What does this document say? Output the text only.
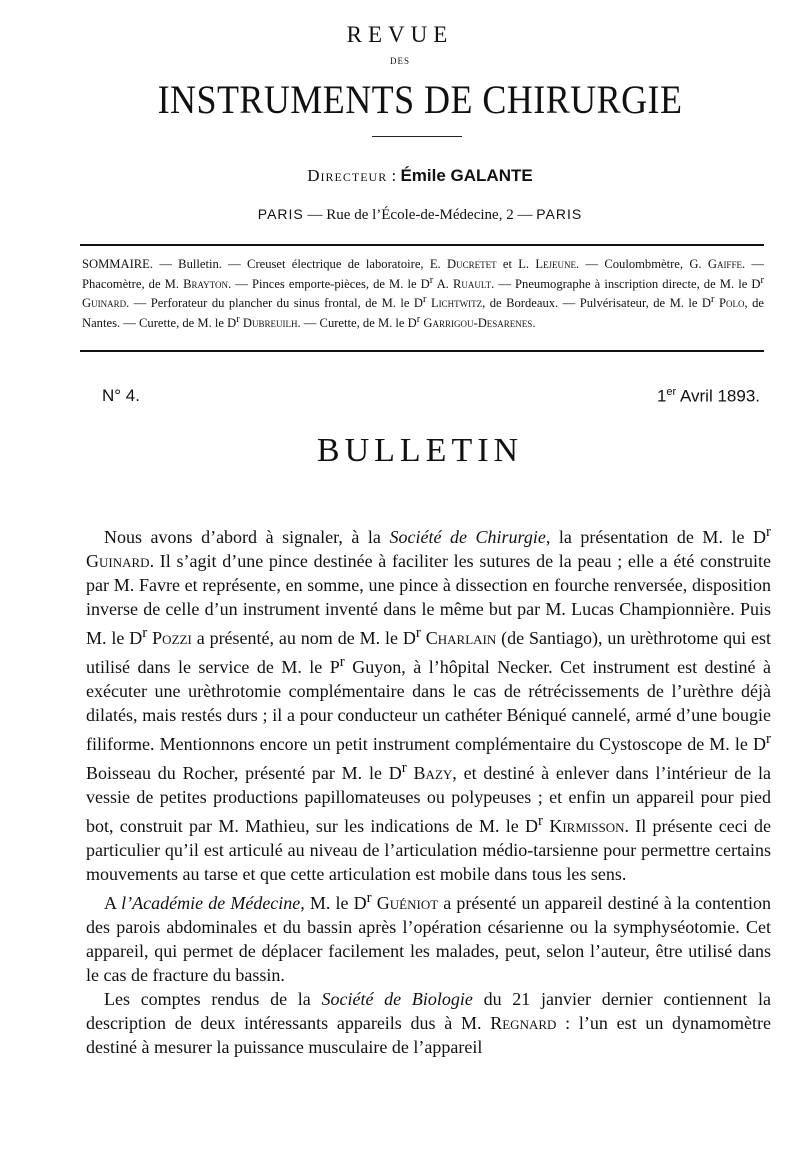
REVUE
DES
INSTRUMENTS DE CHIRURGIE
Directeur : Émile GALANTE
PARIS — Rue de l’École-de-Médecine, 2 — PARIS
SOMMAIRE. — Bulletin. — Creuset électrique de laboratoire, E. Ducretet et L. Lejeune. — Coulombmètre, G. Gaiffe. — Phacomètre, de M. Brayton. — Pinces emporte-pièces, de M. le $D^r$ A. Ruault. — Pneumographe à inscription directe, de M. le $D^r$ Guinard. — Perforateur du plancher du sinus frontal, de M. le $D^r$ Lichtwitz, de Bordeaux. — Pulvérisateur, de M. le $D^r$ Polo, de Nantes. — Curette, de M. le $D^r$ Dubreuilh. — Curette, de M. le $D^r$ Garrigou-Desarenes.
N° 4.	1er Avril 1893.
BULLETIN

Nous avons d’abord à signaler, à la Société de Chirurgie, la présentation de M. le $D^r$ Guinard. Il s’agit d’une pince destinée à faciliter les sutures de la peau ; elle a été construite par M. Favre et représente, en somme, une pince à dissection en fourche renversée, disposition inverse de celle d’un instrument inventé dans le même but par M. Lucas Championnière. Puis M. le $D^r$ Pozzi a présenté, au nom de M. le $D^r$ Charlain (de Santiago), un urèthrotome qui est utilisé dans le service de M. le $P^r$ Guyon, à l’hôpital Necker. Cet instrument est destiné à exécuter une urèthrotomie complémentaire dans le cas de rétrécissements de l’urèthre déjà dilatés, mais restés durs ; il a pour conducteur un cathéter Béniqué cannelé, armé d’une bougie filiforme. Mentionnons encore un petit instrument complémentaire du Cystoscope de M. le $D^r$ Boisseau du Rocher, présenté par M. le $D^r$ Bazy, et destiné à enlever dans l’intérieur de la vessie de petites productions papillomateuses ou polypeuses ; et enfin un appareil pour pied bot, construit par M. Mathieu, sur les indications de M. le $D^r$ Kirmisson. Il présente ceci de particulier qu’il est articulé au niveau de l’articulation médio-tarsienne pour permettre certains mouvements au tarse et que cette articulation est mobile dans tous les sens.

A l’Académie de Médecine, M. le $D^r$ Guéniot a présenté un appareil destiné à la contention des parois abdominales et du bassin après l’opération césarienne ou la symphyséotomie. Cet appareil, qui permet de déplacer facilement les malades, peut, selon l’auteur, être utilisé dans le cas de fracture du bassin.

Les comptes rendus de la Société de Biologie du 21 janvier dernier contiennent la description de deux intéressants appareils dus à M. Regnard : l’un est un dynamomètre destiné à mesurer la puissance musculaire de l’appareil
